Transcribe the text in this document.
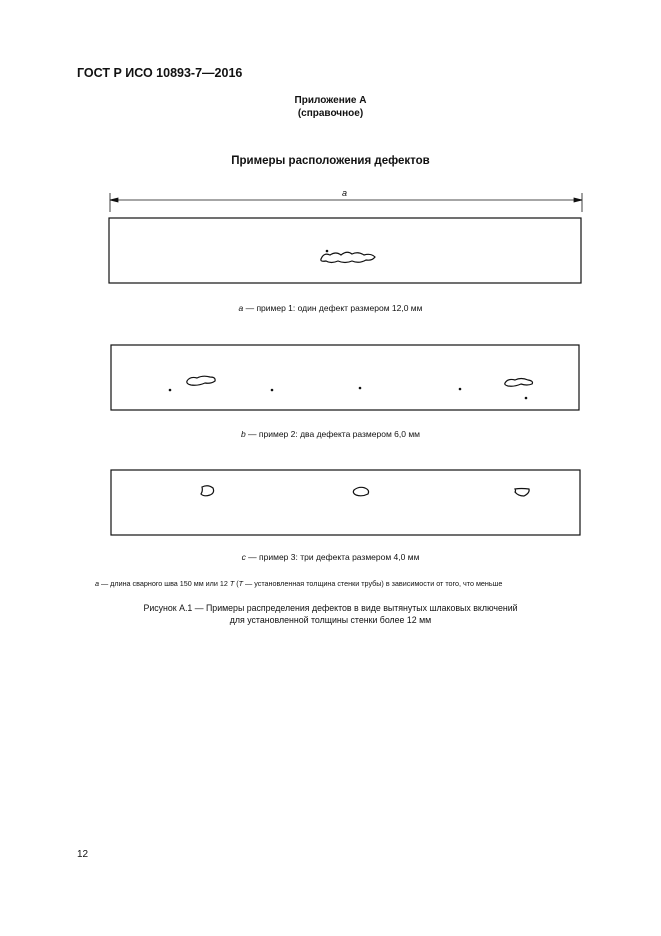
ГОСТ Р ИСО 10893-7—2016
Приложение А
(справочное)
Примеры расположения дефектов
a
a — пример 1: один дефект размером 12,0 мм
b — пример 2: два дефекта размером 6,0 мм
c — пример 3: три дефекта размером 4,0 мм
a — длина сварного шва 150 мм или 12 T (T — установленная толщина стенки трубы) в зависимости от того, что меньше
Рисунок А.1 — Примеры распределения дефектов в виде вытянутых шлаковых включений
для установленной толщины стенки более 12 мм
12
